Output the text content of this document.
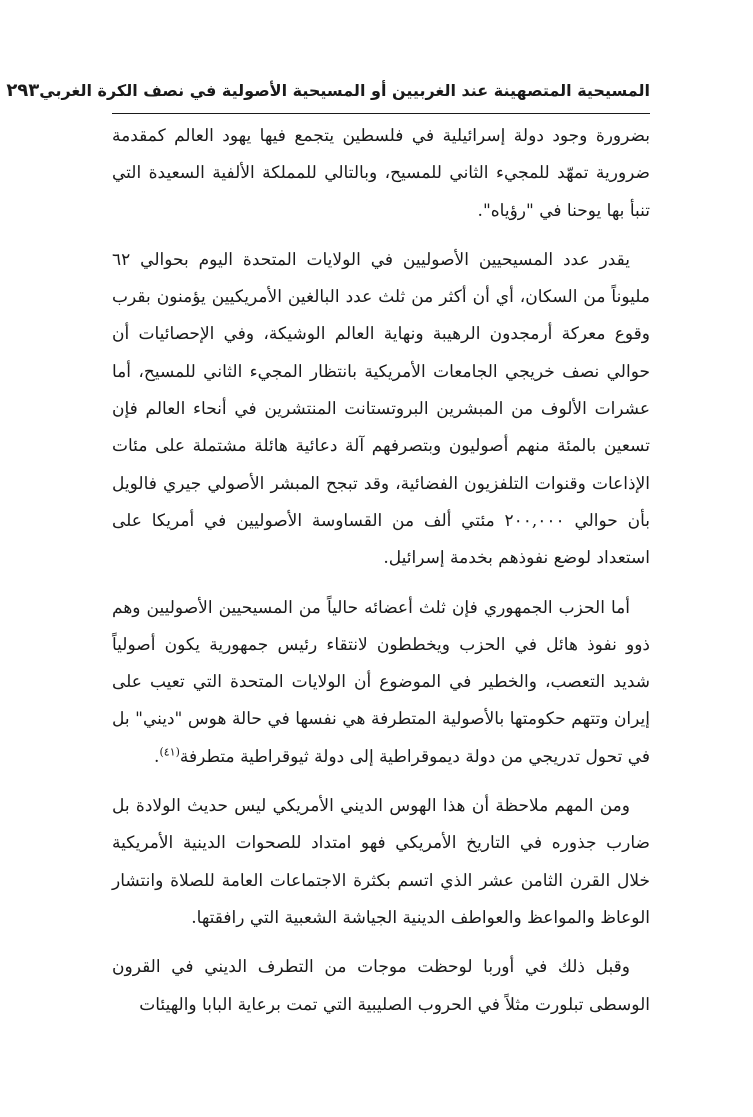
المسيحية المتصهينة عند الغربيين أو المسيحية الأصولية في نصف الكرة الغربي
٢٩٣

بضرورة وجود دولة إسرائيلية في فلسطين يتجمع فيها يهود العالم كمقدمة ضرورية تمهّد للمجيء الثاني للمسيح، وبالتالي للمملكة الألفية السعيدة التي تنبأ بها يوحنا في "رؤياه".

يقدر عدد المسيحيين الأصوليين في الولايات المتحدة اليوم بحوالي ٦٢ مليوناً من السكان، أي أن أكثر من ثلث عدد البالغين الأمريكيين يؤمنون بقرب وقوع معركة أرمجدون الرهيبة ونهاية العالم الوشيكة، وفي الإحصائيات أن حوالي نصف خريجي الجامعات الأمريكية بانتظار المجيء الثاني للمسيح، أما عشرات الألوف من المبشرين البروتستانت المنتشرين في أنحاء العالم فإن تسعين بالمئة منهم أصوليون وبتصرفهم آلة دعائية هائلة مشتملة على مئات الإذاعات وقنوات التلفزيون الفضائية، وقد تبجح المبشر الأصولي جيري فالويل بأن حوالي ٢٠٠,٠٠٠ مئتي ألف من القساوسة الأصوليين في أمريكا على استعداد لوضع نفوذهم بخدمة إسرائيل.

أما الحزب الجمهوري فإن ثلث أعضائه حالياً من المسيحيين الأصوليين وهم ذوو نفوذ هائل في الحزب ويخططون لانتقاء رئيس جمهورية يكون أصولياً شديد التعصب، والخطير في الموضوع أن الولايات المتحدة التي تعيب على إيران وتتهم حكومتها بالأصولية المتطرفة هي نفسها في حالة هوس "ديني" بل في تحول تدريجي من دولة ديموقراطية إلى دولة ثيوقراطية متطرفة$^{(٤١)}$.

ومن المهم ملاحظة أن هذا الهوس الديني الأمريكي ليس حديث الولادة بل ضارب جذوره في التاريخ الأمريكي فهو امتداد للصحوات الدينية الأمريكية خلال القرن الثامن عشر الذي اتسم بكثرة الاجتماعات العامة للصلاة وانتشار الوعاظ والمواعظ والعواطف الدينية الجياشة الشعبية التي رافقتها.

وقبل ذلك في أوربا لوحظت موجات من التطرف الديني في القرون الوسطى تبلورت مثلاً في الحروب الصليبية التي تمت برعاية البابا والهيئات
